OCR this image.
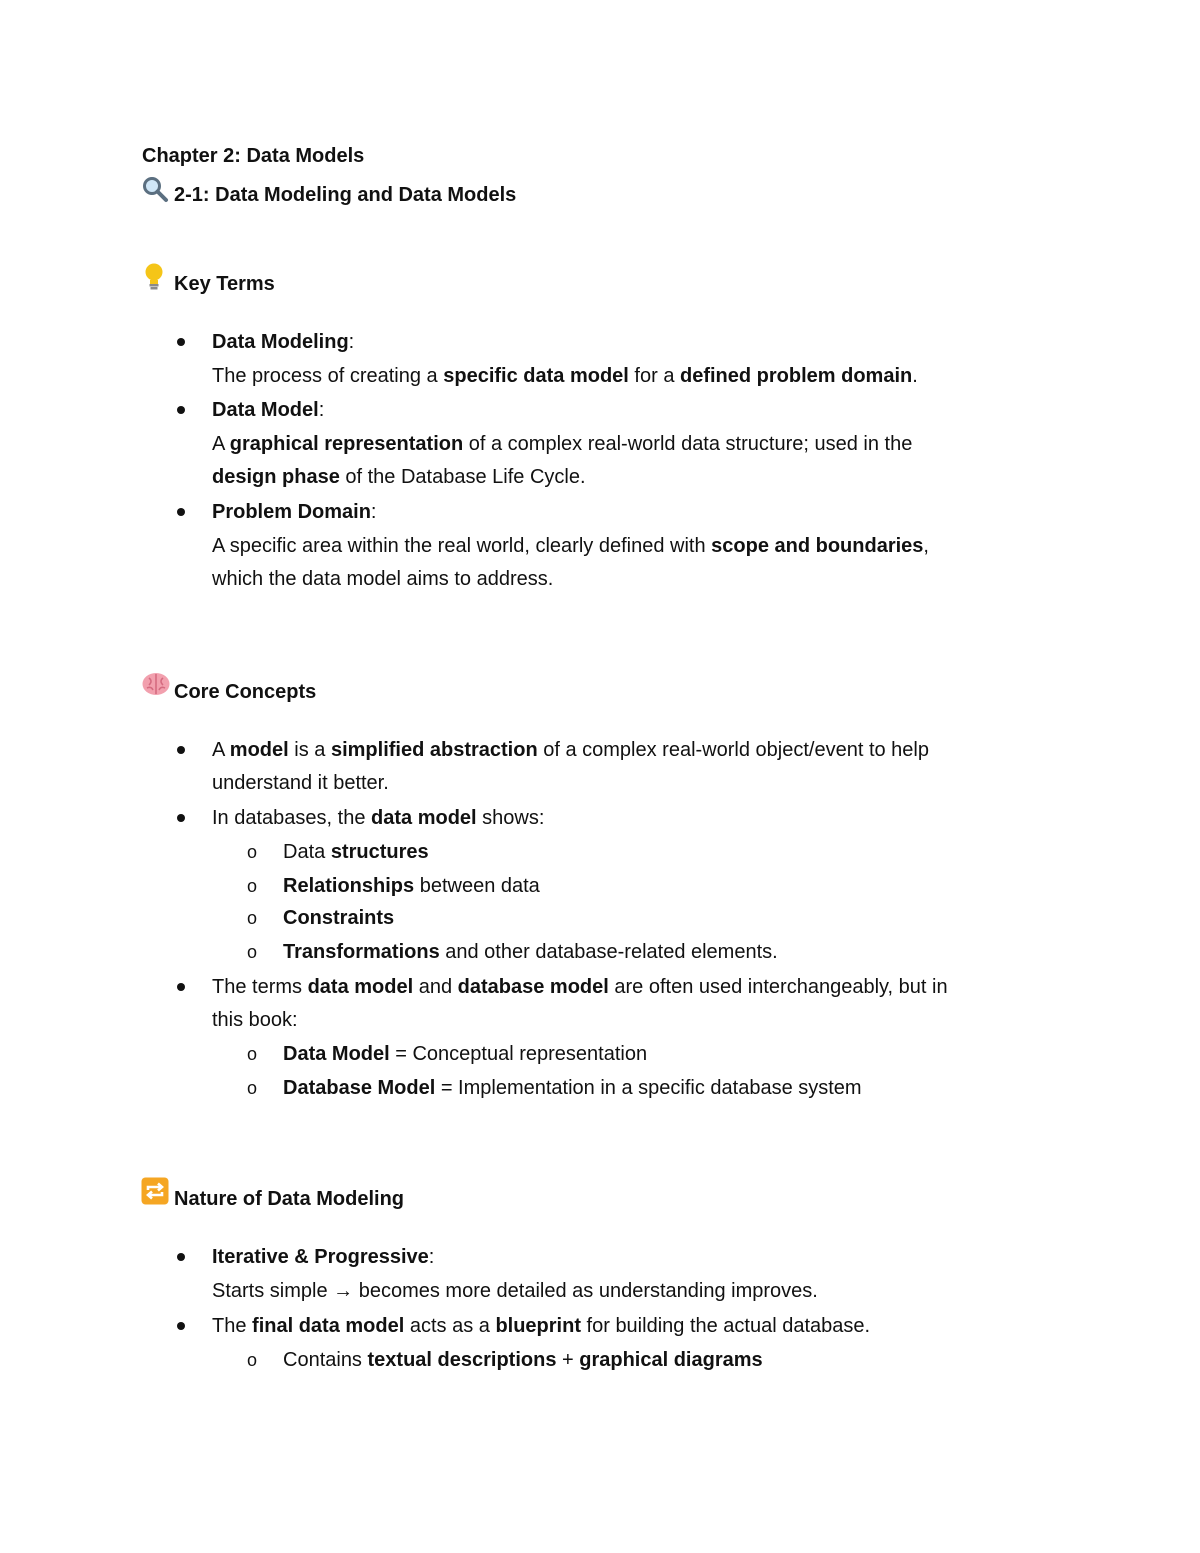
Chapter 2: Data Models
2-1: Data Modeling and Data Models
Key Terms
Data Modeling:
The process of creating a specific data model for a defined problem domain.
Data Model:
A graphical representation of a complex real-world data structure; used in the
design phase of the Database Life Cycle.
Problem Domain:
A specific area within the real world, clearly defined with scope and boundaries,
which the data model aims to address.
Core Concepts
A model is a simplified abstraction of a complex real-world object/event to help
understand it better.
In databases, the data model shows:
o Data structures
o Relationships between data
o Constraints
o Transformations and other database-related elements.
The terms data model and database model are often used interchangeably, but in
this book:
o Data Model = Conceptual representation
o Database Model = Implementation in a specific database system
Nature of Data Modeling
Iterative & Progressive:
Starts simple → becomes more detailed as understanding improves.
The final data model acts as a blueprint for building the actual database.
o Contains textual descriptions + graphical diagrams
